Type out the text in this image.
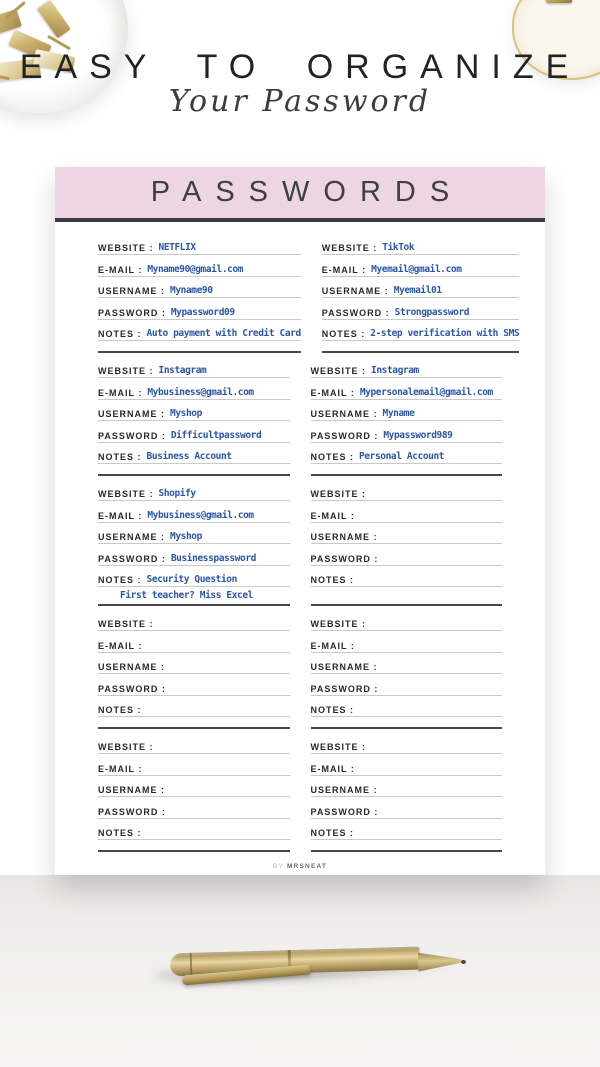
EASY TO ORGANIZE
Your Password
PASSWORDS
WEBSITE : NETFLIX
E-MAIL : Myname90@gmail.com
USERNAME : Myname90
PASSWORD : Mypassword09
NOTES : Auto payment with Credit Card
WEBSITE : TikTok
E-MAIL : Myemail@gmail.com
USERNAME : Myemail01
PASSWORD : Strongpassword
NOTES : 2-step verification with SMS
WEBSITE : Instagram
E-MAIL : Mybusiness@gmail.com
USERNAME : Myshop
PASSWORD : Difficultpassword
NOTES : Business Account
WEBSITE : Instagram
E-MAIL : Mypersonalemail@gmail.com
USERNAME : Myname
PASSWORD : Mypassword989
NOTES : Personal Account
WEBSITE : Shopify
E-MAIL : Mybusiness@gmail.com
USERNAME : Myshop
PASSWORD : Businesspassword
NOTES : Security Question
First teacher? Miss Excel
WEBSITE :
E-MAIL :
USERNAME :
PASSWORD :
NOTES :
WEBSITE :
E-MAIL :
USERNAME :
PASSWORD :
NOTES :
WEBSITE :
E-MAIL :
USERNAME :
PASSWORD :
NOTES :
WEBSITE :
E-MAIL :
USERNAME :
PASSWORD :
NOTES :
WEBSITE :
E-MAIL :
USERNAME :
PASSWORD :
NOTES :
BY MRSNEAT
